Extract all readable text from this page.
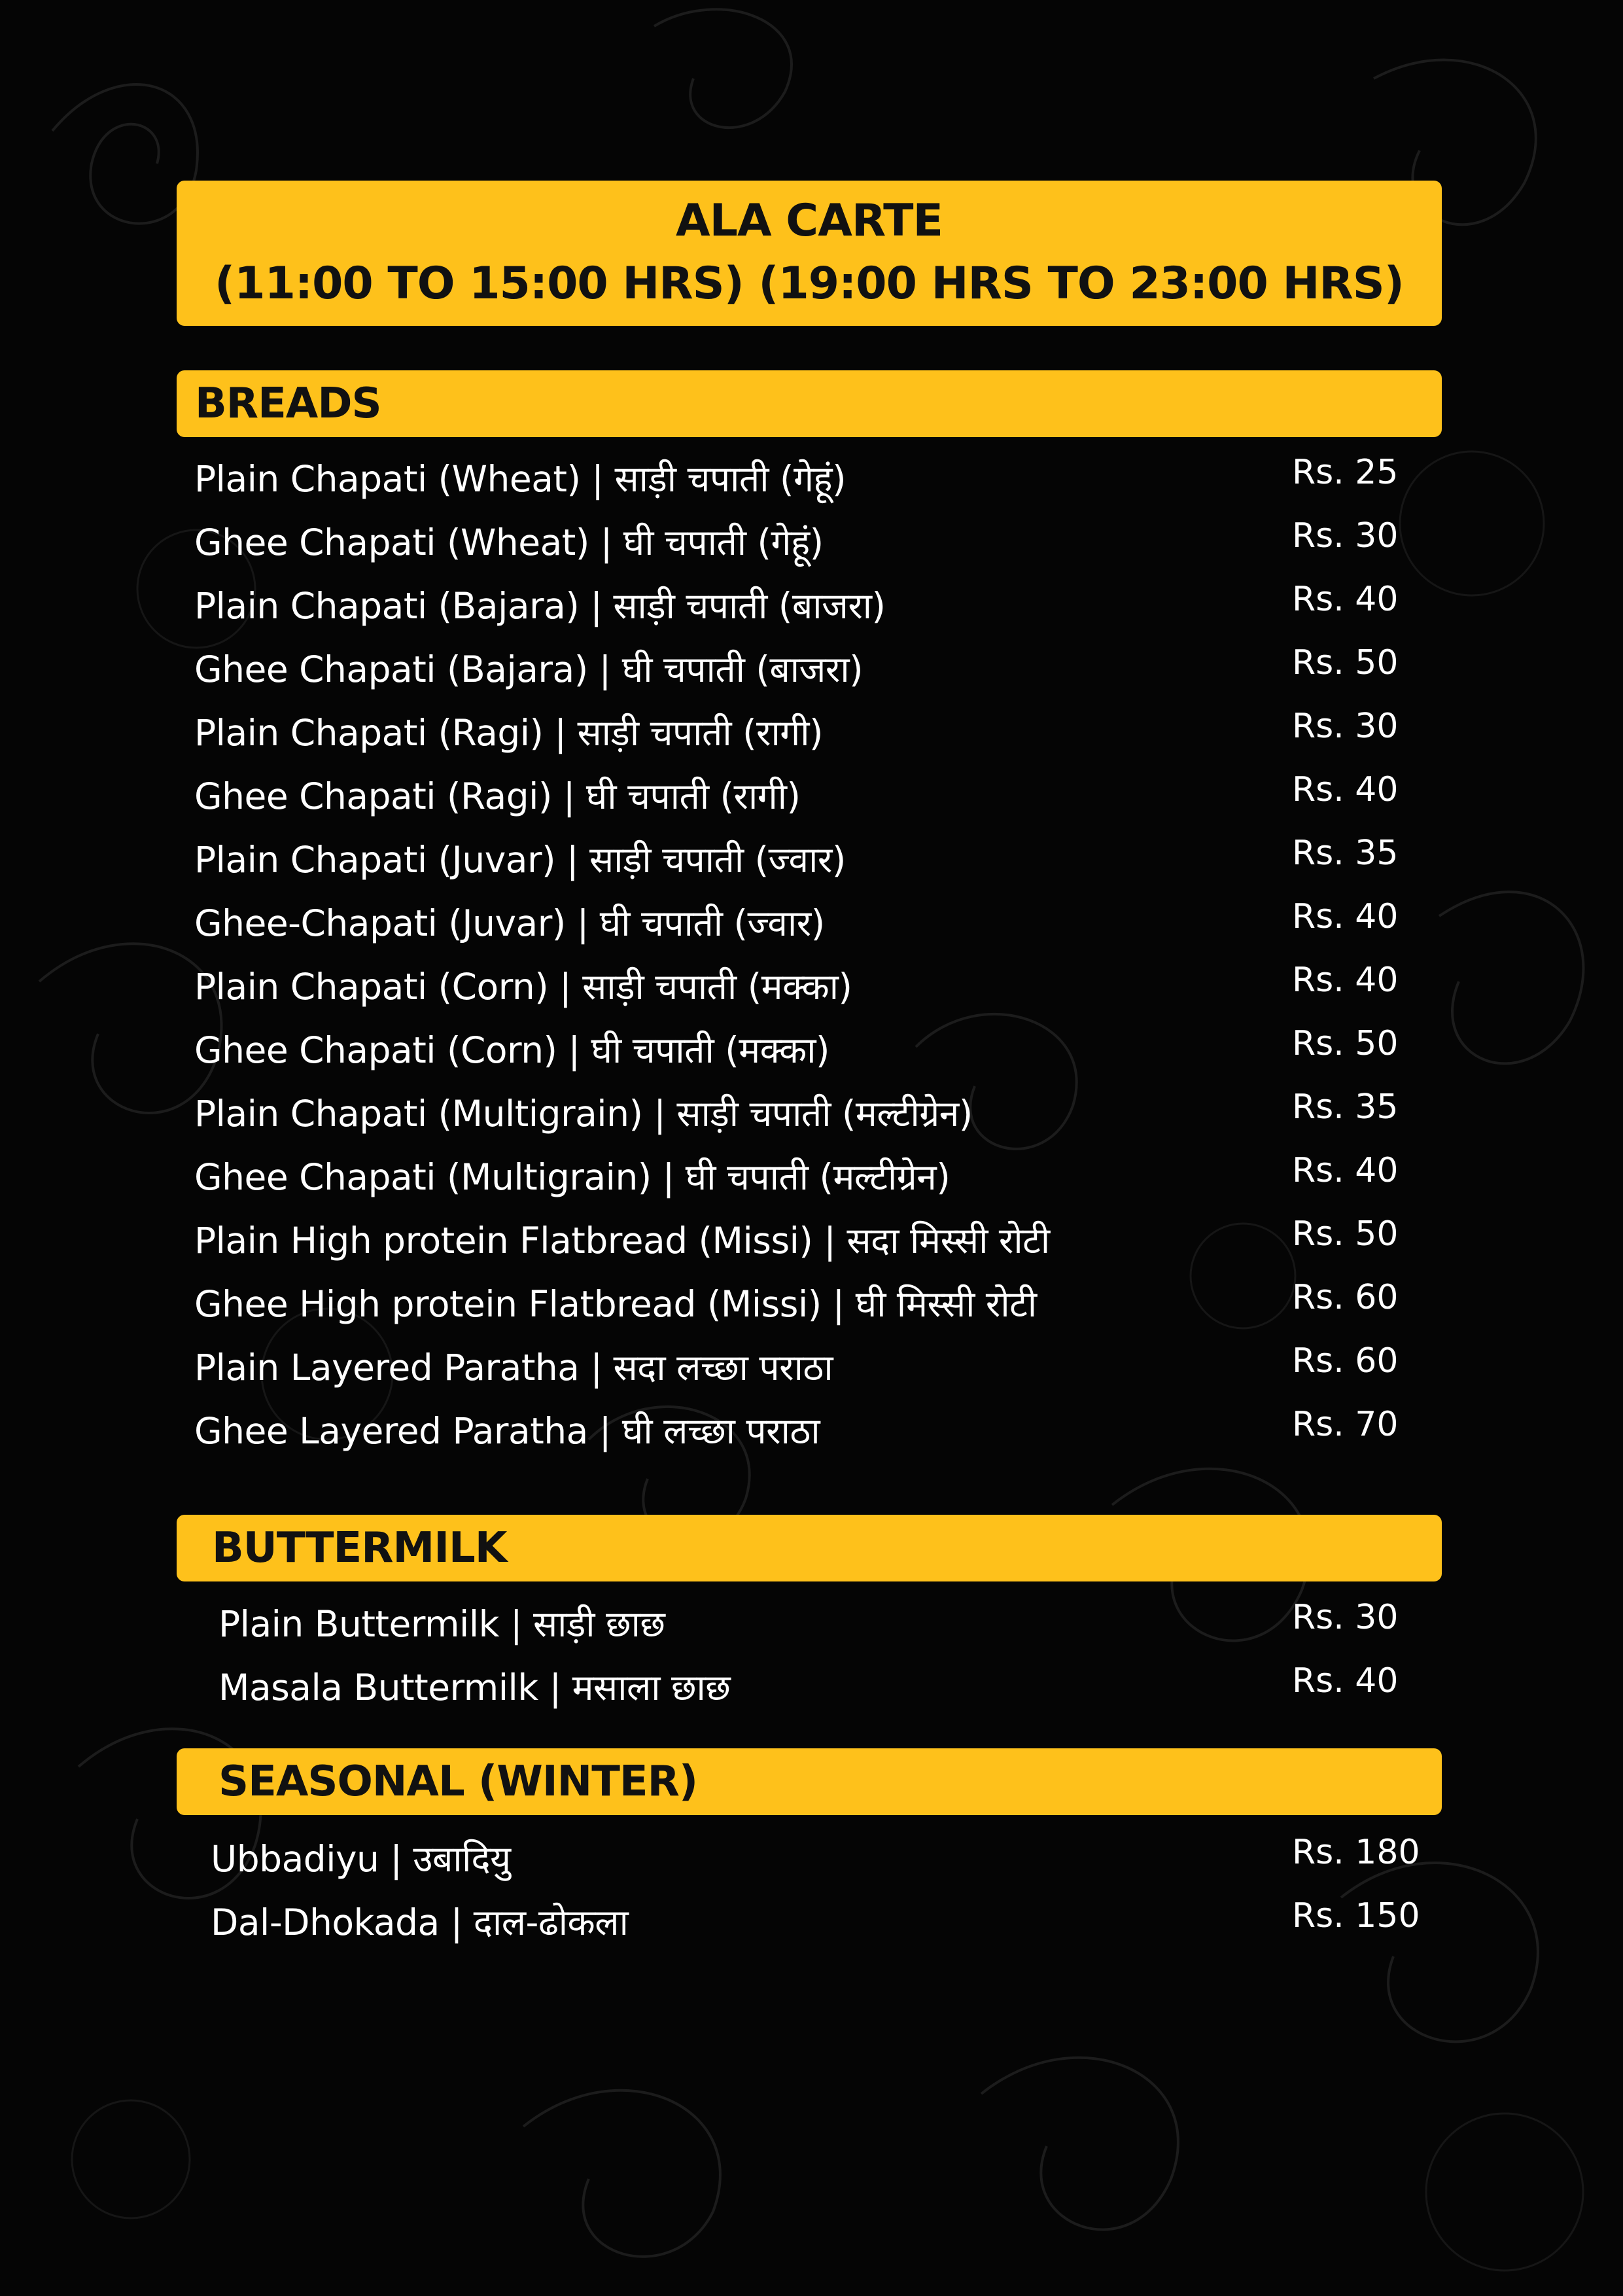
ALA CARTE
(11:00 TO 15:00 HRS) (19:00 HRS TO 23:00 HRS)
BREADS
Plain Chapati (Wheat) | साड़ी चपाती (गेहूं)	Rs. 25
Ghee Chapati (Wheat) | घी चपाती (गेहूं)	Rs. 30
Plain Chapati (Bajara) | साड़ी चपाती (बाजरा)	Rs. 40
Ghee Chapati (Bajara) | घी चपाती (बाजरा)	Rs. 50
Plain Chapati (Ragi) | साड़ी चपाती (रागी)	Rs. 30
Ghee Chapati (Ragi) | घी चपाती (रागी)	Rs. 40
Plain Chapati (Juvar) | साड़ी चपाती (ज्वार)	Rs. 35
Ghee-Chapati (Juvar) | घी चपाती (ज्वार)	Rs. 40
Plain Chapati (Corn) | साड़ी चपाती (मक्का)	Rs. 40
Ghee Chapati (Corn) | घी चपाती (मक्का)	Rs. 50
Plain Chapati (Multigrain) | साड़ी चपाती (मल्टीग्रेन)	Rs. 35
Ghee Chapati (Multigrain) | घी चपाती (मल्टीग्रेन)	Rs. 40
Plain High protein Flatbread (Missi) | सदा मिस्सी रोटी	Rs. 50
Ghee High protein Flatbread (Missi) | घी मिस्सी रोटी	Rs. 60
Plain Layered Paratha | सदा लच्छा पराठा	Rs. 60
Ghee Layered Paratha | घी लच्छा पराठा	Rs. 70
BUTTERMILK
Plain Buttermilk | साड़ी छाछ	Rs. 30
Masala Buttermilk | मसाला छाछ	Rs. 40
SEASONAL (WINTER)
Ubbadiyu | उबादियु	Rs. 180
Dal-Dhokada | दाल-ढोकला	Rs. 150
